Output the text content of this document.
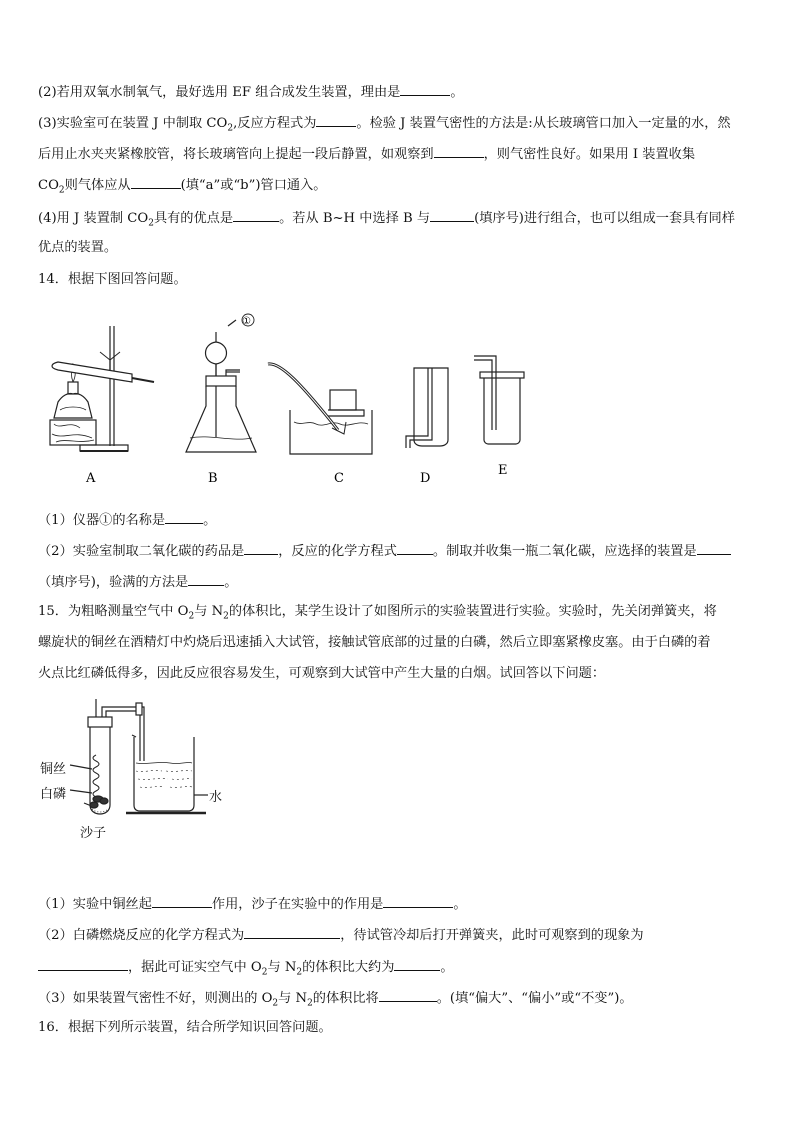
(2)若用双氧水制氧气，最好选用 EF 组合成发生装置，理由是	。
(3)实验室可在装置 J 中制取 $CO_2$,反应方程式为	。检验 J 装置气密性的方法是:从长玻璃管口加入一定量的水，然
后用止水夹夹紧橡胶管，将长玻璃管向上提起一段后静置，如观察到	，则气密性良好。如果用 I 装置收集
$CO_2$则气体应从	(填“a”或“b”)管口通入。
(4)用 J 装置制 $CO_2$具有的优点是	。若从 B~H 中选择 B 与	(填序号)进行组合，也可以组成一套具有同样
优点的装置。
14．根据下图回答问题。
A
①
B	C	D
E
（1）仪器①的名称是	。
（2）实验室制取二氧化碳的药品是	，反应的化学方程式	。制取并收集一瓶二氧化碳，应选择的装置是
（填序号)，验满的方法是	。
15．为粗略测量空气中 $O_2$与 $N_2$的体积比，某学生设计了如图所示的实验装置进行实验。实验时，先关闭弹簧夹，将
螺旋状的铜丝在酒精灯中灼烧后迅速插入大试管，接触试管底部的过量的白磷，然后立即塞紧橡皮塞。由于白磷的着
火点比红磷低得多，因此反应很容易发生，可观察到大试管中产生大量的白烟。试回答以下问题：
铜丝
白磷
沙子
水
（1）实验中铜丝起	作用，沙子在实验中的作用是	。
（2）白磷燃烧反应的化学方程式为	，待试管冷却后打开弹簧夹，此时可观察到的现象为
，据此可证实空气中 $O_2$与 $N_2$的体积比大约为	。
（3）如果装置气密性不好，则测出的 $O_2$与 $N_2$的体积比将	。(填“偏大”、“偏小”或“不变”)。
16．根据下列所示装置，结合所学知识回答问题。
